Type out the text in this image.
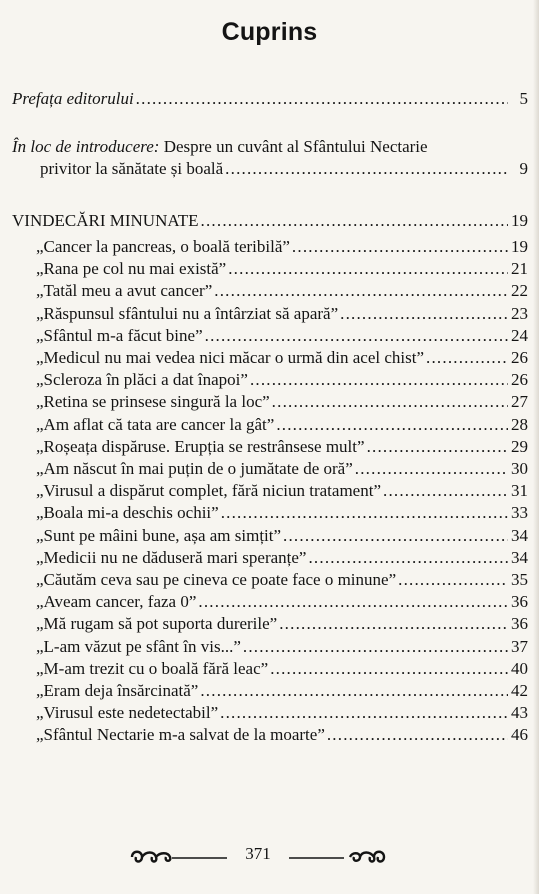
Cuprins
Prefața editorului .....	5
În loc de introducere: Despre un cuvânt al Sfântului Nectarie
privitor la sănătate și boală .....	9
VINDECĂRI MINUNATE .....	19
„Cancer la pancreas, o boală teribilă” .....	19
„Rana pe col nu mai există” .....	21
„Tatăl meu a avut cancer” .....	22
„Răspunsul sfântului nu a întârziat să apară” .....	23
„Sfântul m-a făcut bine” .....	24
„Medicul nu mai vedea nici măcar o urmă din acel chist” .....	26
„Scleroza în plăci a dat înapoi” .....	26
„Retina se prinsese singură la loc” .....	27
„Am aflat că tata are cancer la gât” .....	28
„Roșeața dispăruse. Erupția se restrânsese mult” .....	29
„Am născut în mai puțin de o jumătate de oră” .....	30
„Virusul a dispărut complet, fără niciun tratament” .....	31
„Boala mi-a deschis ochii” .....	33
„Sunt pe mâini bune, așa am simțit” .....	34
„Medicii nu ne dăduseră mari speranțe” .....	34
„Căutăm ceva sau pe cineva ce poate face o minune” .....	35
„Aveam cancer, faza 0” .....	36
„Mă rugam să pot suporta durerile” .....	36
„L-am văzut pe sfânt în vis...” .....	37
„M-am trezit cu o boală fără leac” .....	40
„Eram deja însărcinată” .....	42
„Virusul este nedetectabil” .....	43
„Sfântul Nectarie m-a salvat de la moarte” .....	46
371
